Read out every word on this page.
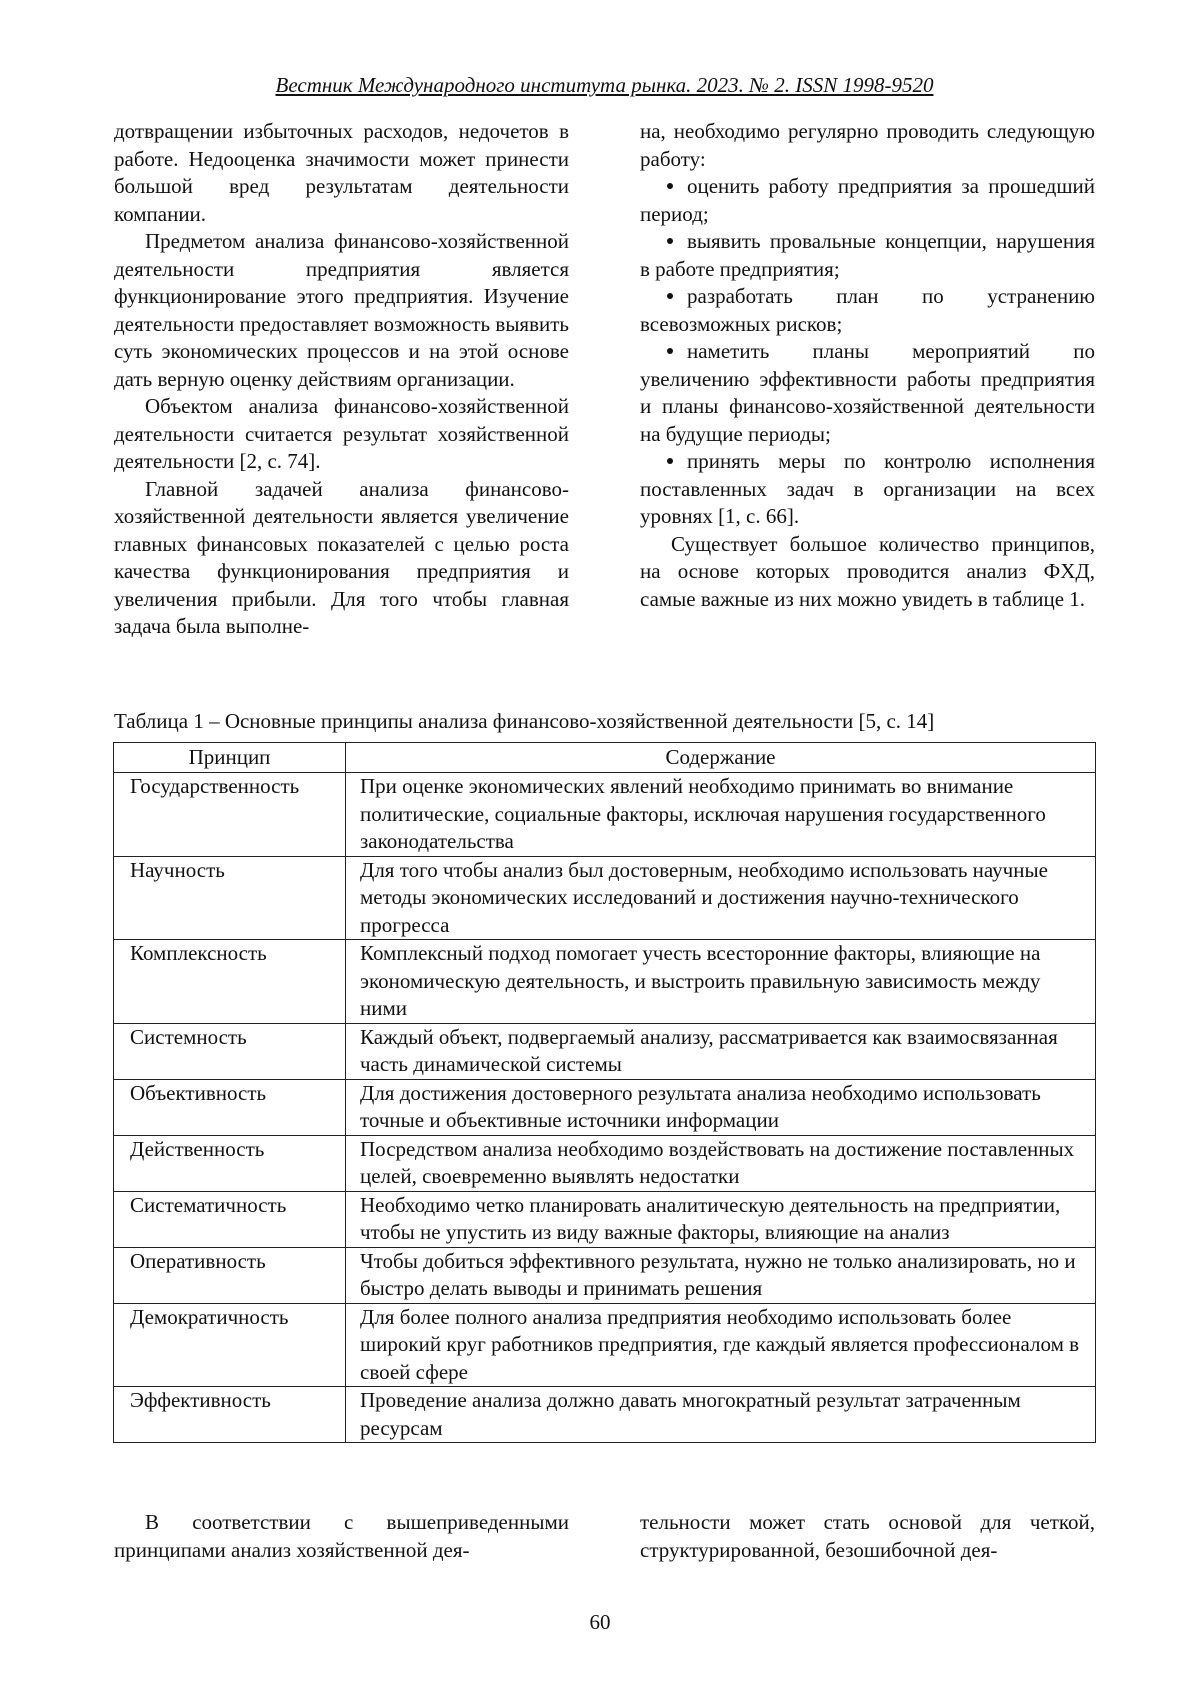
Вестник Международного института рынка. 2023. № 2. ISSN 1998-9520

дотвращении избыточных расходов, недочетов в работе. Недооценка значимости может принести большой вред результатам деятельности компании.

Предметом анализа финансово-хозяйственной деятельности предприятия является функционирование этого предприятия. Изучение деятельности предоставляет возможность выявить суть экономических процессов и на этой основе дать верную оценку действиям организации.

Объектом анализа финансово-хозяйственной деятельности считается результат хозяйственной деятельности [2, с. 74].

Главной задачей анализа финансово-хозяйственной деятельности является увеличение главных финансовых показателей с целью роста качества функционирования предприятия и увеличения прибыли. Для того чтобы главная задача была выполне-

на, необходимо регулярно проводить следующую работу:

оценить работу предприятия за прошедший период;
выявить провальные концепции, нарушения в работе предприятия;
разработать план по устранению всевозможных рисков;
наметить планы мероприятий по увеличению эффективности работы предприятия и планы финансово-хозяйственной деятельности на будущие периоды;
принять меры по контролю исполнения поставленных задач в организации на всех уровнях [1, с. 66].

Существует большое количество принципов, на основе которых проводится анализ ФХД, самые важные из них можно увидеть в таблице 1.

Таблица 1 – Основные принципы анализа финансово-хозяйственной деятельности [5, с. 14]
Принцип	Содержание
Государственность	При оценке экономических явлений необходимо принимать во внимание политические, социальные факторы, исключая нарушения государственного законодательства
Научность	Для того чтобы анализ был достоверным, необходимо использовать научные методы экономических исследований и достижения научно-технического прогресса
Комплексность	Комплексный подход помогает учесть всесторонние факторы, влияющие на экономическую деятельность, и выстроить правильную зависимость между ними
Системность	Каждый объект, подвергаемый анализу, рассматривается как взаимосвязанная часть динамической системы
Объективность	Для достижения достоверного результата анализа необходимо использовать точные и объективные источники информации
Действенность	Посредством анализа необходимо воздействовать на достижение поставленных целей, своевременно выявлять недостатки
Систематичность	Необходимо четко планировать аналитическую деятельность на предприятии, чтобы не упустить из виду важные факторы, влияющие на анализ
Оперативность	Чтобы добиться эффективного результата, нужно не только анализировать, но и быстро делать выводы и принимать решения
Демократичность	Для более полного анализа предприятия необходимо использовать более широкий круг работников предприятия, где каждый является профессионалом в своей сфере
Эффективность	Проведение анализа должно давать многократный результат затраченным ресурсам

В соответствии с вышеприведенными принципами анализ хозяйственной дея-

тельности может стать основой для четкой, структурированной, безошибочной дея-

60
